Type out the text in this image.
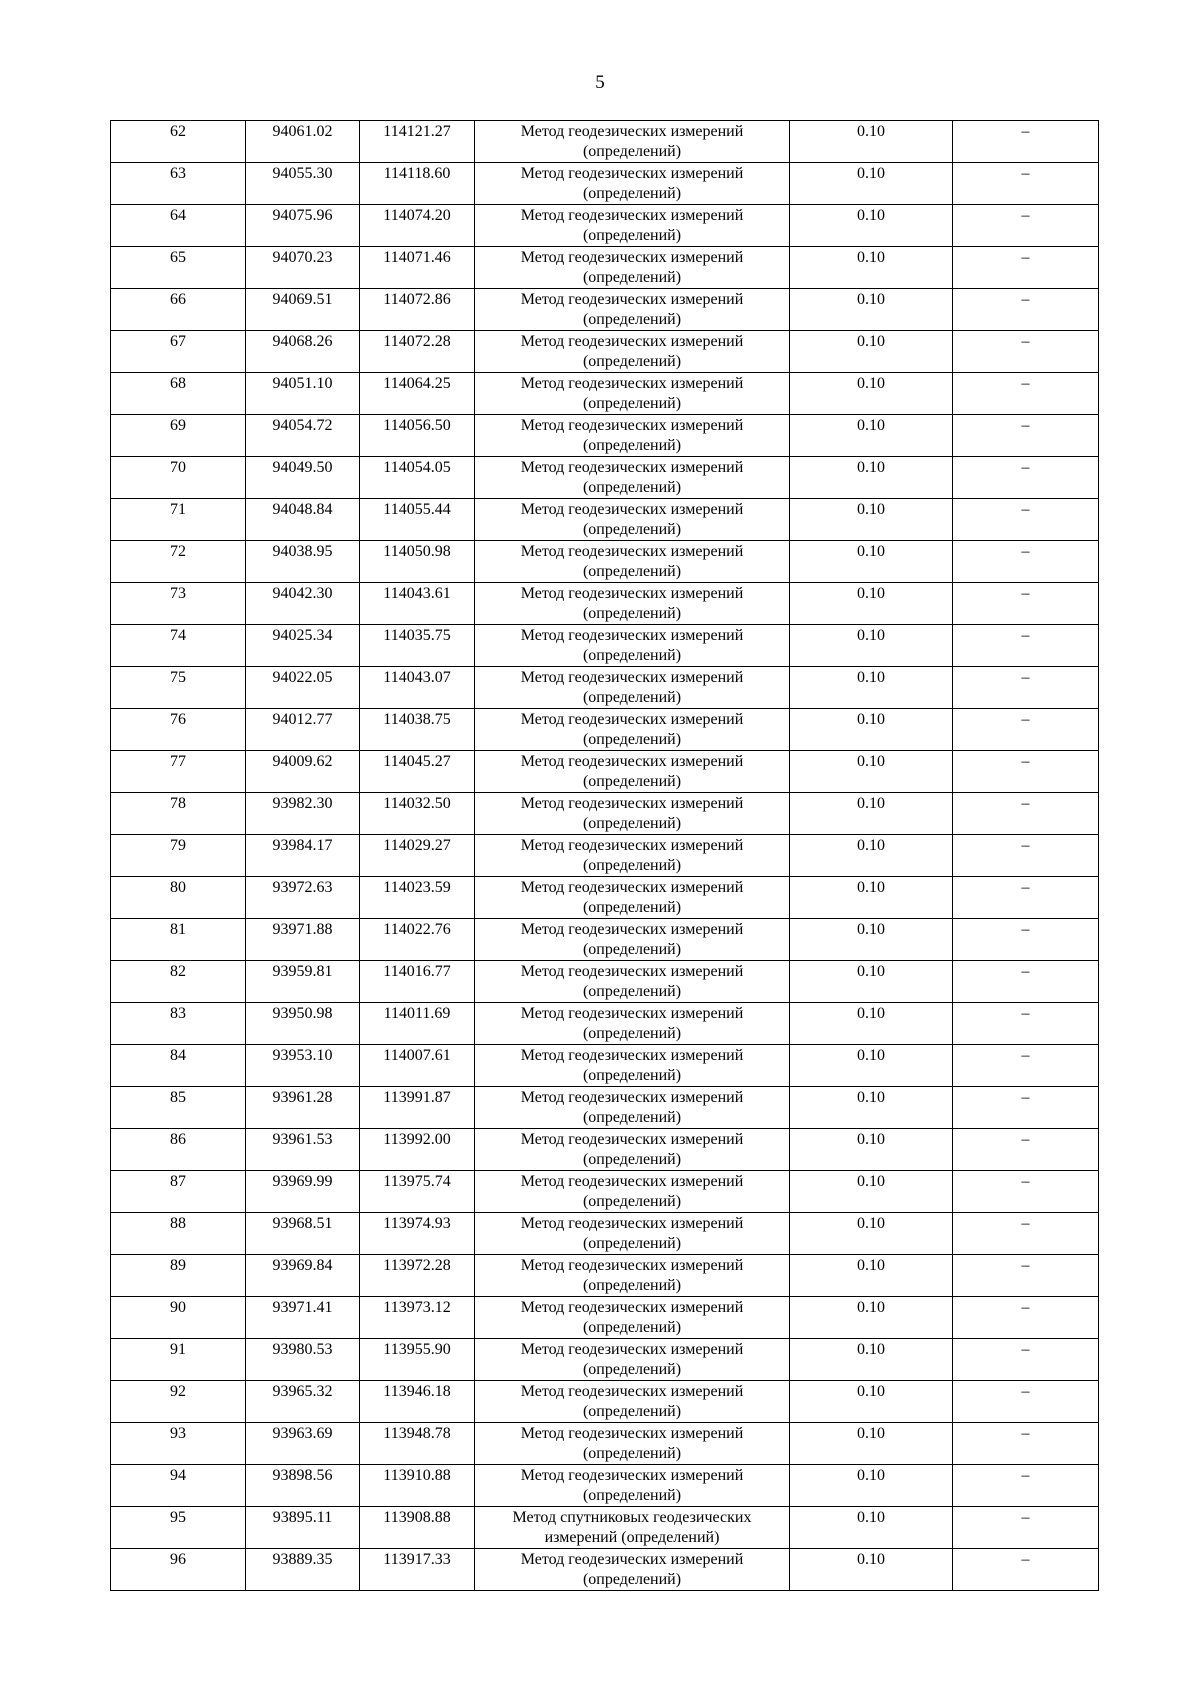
5
62	94061.02	114121.27	Метод геодезических измерений (определений)	0.10	–
63	94055.30	114118.60	Метод геодезических измерений (определений)	0.10	–
64	94075.96	114074.20	Метод геодезических измерений (определений)	0.10	–
65	94070.23	114071.46	Метод геодезических измерений (определений)	0.10	–
66	94069.51	114072.86	Метод геодезических измерений (определений)	0.10	–
67	94068.26	114072.28	Метод геодезических измерений (определений)	0.10	–
68	94051.10	114064.25	Метод геодезических измерений (определений)	0.10	–
69	94054.72	114056.50	Метод геодезических измерений (определений)	0.10	–
70	94049.50	114054.05	Метод геодезических измерений (определений)	0.10	–
71	94048.84	114055.44	Метод геодезических измерений (определений)	0.10	–
72	94038.95	114050.98	Метод геодезических измерений (определений)	0.10	–
73	94042.30	114043.61	Метод геодезических измерений (определений)	0.10	–
74	94025.34	114035.75	Метод геодезических измерений (определений)	0.10	–
75	94022.05	114043.07	Метод геодезических измерений (определений)	0.10	–
76	94012.77	114038.75	Метод геодезических измерений (определений)	0.10	–
77	94009.62	114045.27	Метод геодезических измерений (определений)	0.10	–
78	93982.30	114032.50	Метод геодезических измерений (определений)	0.10	–
79	93984.17	114029.27	Метод геодезических измерений (определений)	0.10	–
80	93972.63	114023.59	Метод геодезических измерений (определений)	0.10	–
81	93971.88	114022.76	Метод геодезических измерений (определений)	0.10	–
82	93959.81	114016.77	Метод геодезических измерений (определений)	0.10	–
83	93950.98	114011.69	Метод геодезических измерений (определений)	0.10	–
84	93953.10	114007.61	Метод геодезических измерений (определений)	0.10	–
85	93961.28	113991.87	Метод геодезических измерений (определений)	0.10	–
86	93961.53	113992.00	Метод геодезических измерений (определений)	0.10	–
87	93969.99	113975.74	Метод геодезических измерений (определений)	0.10	–
88	93968.51	113974.93	Метод геодезических измерений (определений)	0.10	–
89	93969.84	113972.28	Метод геодезических измерений (определений)	0.10	–
90	93971.41	113973.12	Метод геодезических измерений (определений)	0.10	–
91	93980.53	113955.90	Метод геодезических измерений (определений)	0.10	–
92	93965.32	113946.18	Метод геодезических измерений (определений)	0.10	–
93	93963.69	113948.78	Метод геодезических измерений (определений)	0.10	–
94	93898.56	113910.88	Метод геодезических измерений (определений)	0.10	–
95	93895.11	113908.88	Метод спутниковых геодезических измерений (определений)	0.10	–
96	93889.35	113917.33	Метод геодезических измерений (определений)	0.10	–
